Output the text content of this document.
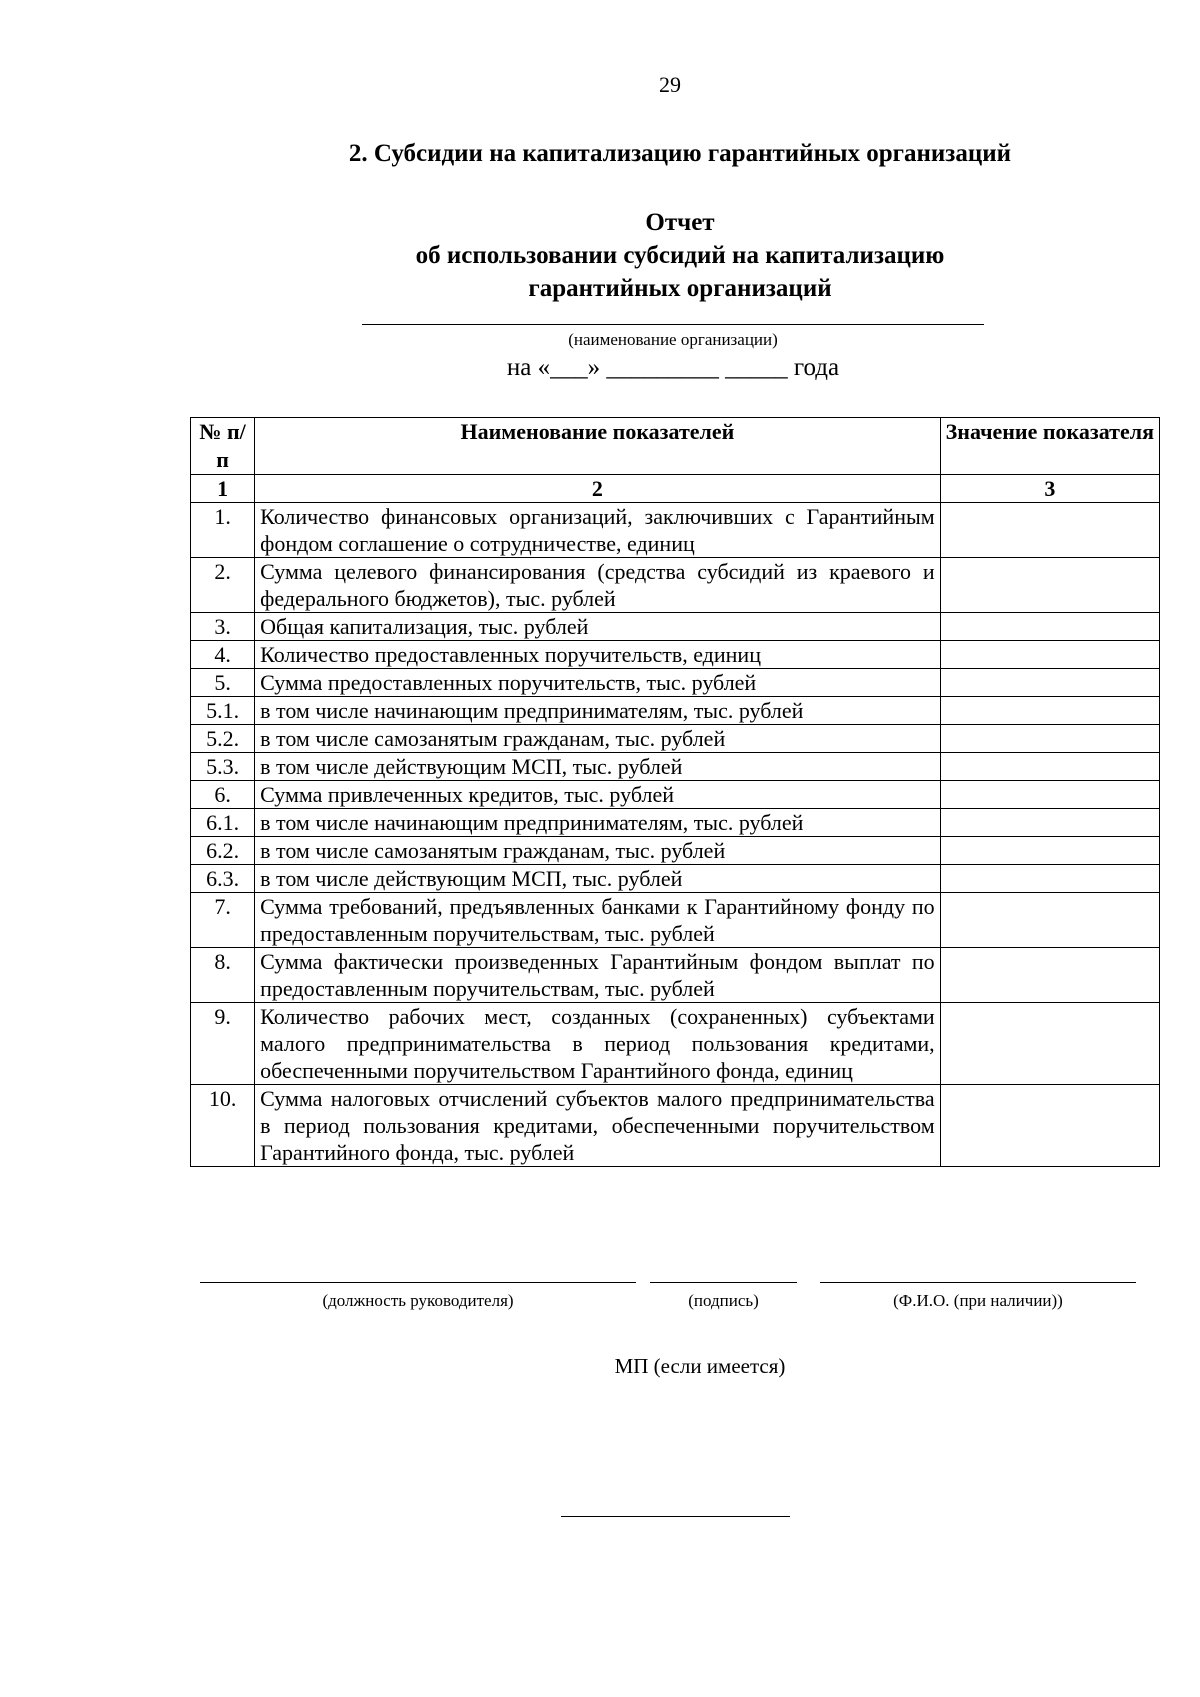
29
2. Субсидии на капитализацию гарантийных организаций
Отчет
об использовании субсидий на капитализацию
гарантийных организаций
(наименование организации)
на «___» _________ _____ года
№ п/п	Наименование показателей	Значение показателя
1	2	3
1.	Количество финансовых организаций, заключивших с Гарантийным фондом соглашение о сотрудничестве, единиц	
2.	Сумма целевого финансирования (средства субсидий из краевого и федерального бюджетов), тыс. рублей	
3.	Общая капитализация, тыс. рублей	
4.	Количество предоставленных поручительств, единиц	
5.	Сумма предоставленных поручительств, тыс. рублей	
5.1.	в том числе начинающим предпринимателям, тыс. рублей	
5.2.	в том числе самозанятым гражданам, тыс. рублей	
5.3.	в том числе действующим МСП, тыс. рублей	
6.	Сумма привлеченных кредитов, тыс. рублей	
6.1.	в том числе начинающим предпринимателям, тыс. рублей	
6.2.	в том числе самозанятым гражданам, тыс. рублей	
6.3.	в том числе действующим МСП, тыс. рублей	
7.	Сумма требований, предъявленных банками к Гарантийному фонду по предоставленным поручительствам, тыс. рублей	
8.	Сумма фактически произведенных Гарантийным фондом выплат по предоставленным поручительствам, тыс. рублей	
9.	Количество рабочих мест, созданных (сохраненных) субъектами малого предпринимательства в период пользования кредитами, обеспеченными поручительством Гарантийного фонда, единиц	
10.	Сумма налоговых отчислений субъектов малого предпринимательства в период пользования кредитами, обеспеченными поручительством Гарантийного фонда, тыс. рублей	
(должность руководителя)	(подпись)	(Ф.И.О. (при наличии))
МП (если имеется)
